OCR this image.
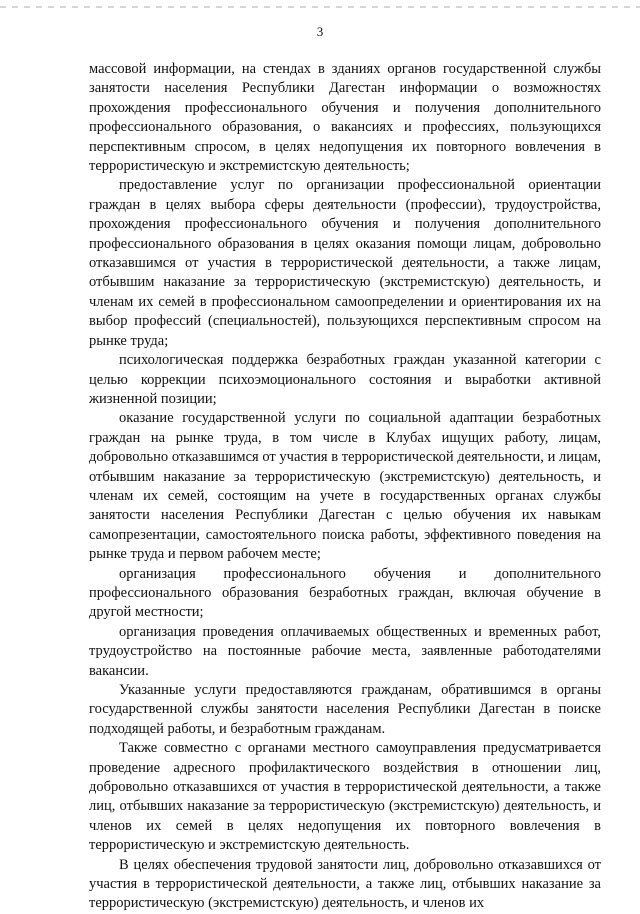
3

массовой информации, на стендах в зданиях органов государственной службы занятости населения Республики Дагестан информации о возможностях прохождения профессионального обучения и получения дополнительного профессионального образования, о вакансиях и профессиях, пользующихся перспективным спросом, в целях недопущения их повторного вовлечения в террористическую и экстремистскую деятельность;

предоставление услуг по организации профессиональной ориентации граждан в целях выбора сферы деятельности (профессии), трудоустройства, прохождения профессионального обучения и получения дополнительного профессионального образования в целях оказания помощи лицам, добровольно отказавшимся от участия в террористической деятельности, а также лицам, отбывшим наказание за террористическую (экстремистскую) деятельность, и членам их семей в профессиональном самоопределении и ориентирования их на выбор профессий (специальностей), пользующихся перспективным спросом на рынке труда;

психологическая поддержка безработных граждан указанной категории с целью коррекции психоэмоционального состояния и выработки активной жизненной позиции;

оказание государственной услуги по социальной адаптации безработных граждан на рынке труда, в том числе в Клубах ищущих работу, лицам, добровольно отказавшимся от участия в террористической деятельности, и лицам, отбывшим наказание за террористическую (экстремистскую) деятельность, и членам их семей, состоящим на учете в государственных органах службы занятости населения Республики Дагестан с целью обучения их навыкам самопрезентации, самостоятельного поиска работы, эффективного поведения на рынке труда и первом рабочем месте;

организация профессионального обучения и дополнительного профессионального образования безработных граждан, включая обучение в другой местности;

организация проведения оплачиваемых общественных и временных работ, трудоустройство на постоянные рабочие места, заявленные работодателями вакансии.

Указанные услуги предоставляются гражданам, обратившимся в органы государственной службы занятости населения Республики Дагестан в поиске подходящей работы, и безработным гражданам.

Также совместно с органами местного самоуправления предусматривается проведение адресного профилактического воздействия в отношении лиц, добровольно отказавшихся от участия в террористической деятельности, а также лиц, отбывших наказание за террористическую (экстремистскую) деятельность, и членов их семей в целях недопущения их повторного вовлечения в террористическую и экстремистскую деятельность.

В целях обеспечения трудовой занятости лиц, добровольно отказавшихся от участия в террористической деятельности, а также лиц, отбывших наказание за террористическую (экстремистскую) деятельность, и членов их
